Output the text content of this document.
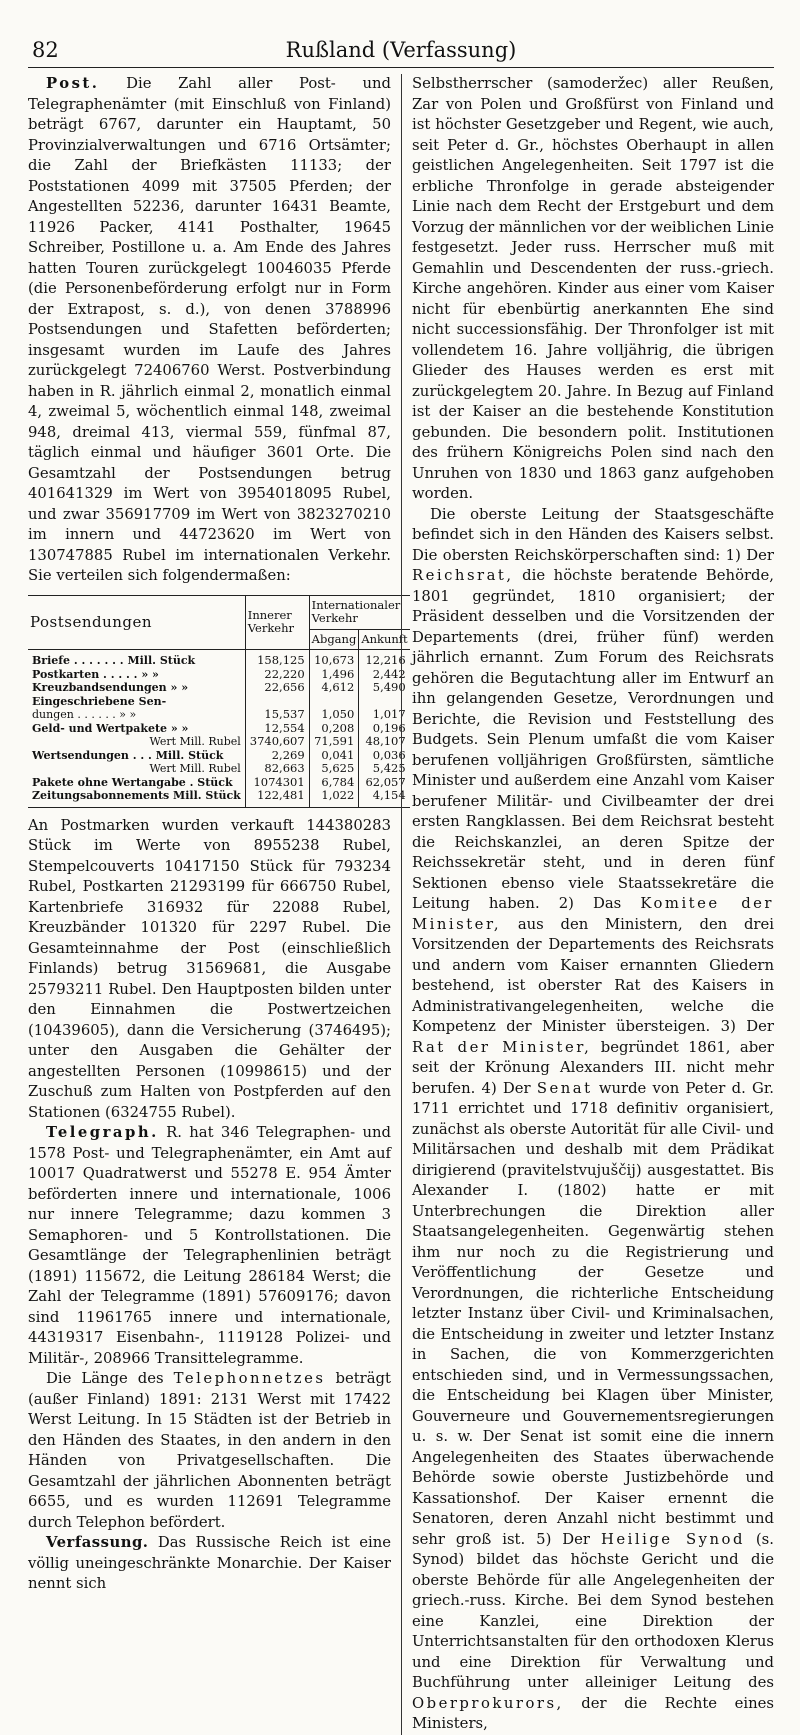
82	Rußland (Verfassung)

Post. Die Zahl aller Post- und Telegraphenämter (mit Einschluß von Finland) beträgt 6767, darunter ein Hauptamt, 50 Provinzialverwaltungen und 6716 Ortsämter; die Zahl der Briefkästen 11133; der Poststationen 4099 mit 37505 Pferden; der Angestellten 52236, darunter 16431 Beamte, 11926 Packer, 4141 Posthalter, 19645 Schreiber, Postillone u. a. Am Ende des Jahres hatten Touren zurückgelegt 10046035 Pferde (die Personenbeförderung erfolgt nur in Form der Extrapost, s. d.), von denen 3788996 Postsendungen und Stafetten beförderten; insgesamt wurden im Laufe des Jahres zurückgelegt 72406760 Werst. Postverbindung haben in R. jährlich einmal 2, monatlich einmal 4, zweimal 5, wöchentlich einmal 148, zweimal 948, dreimal 413, viermal 559, fünfmal 87, täglich einmal und häufiger 3601 Orte. Die Gesamtzahl der Postsendungen betrug 401641329 im Wert von 3954018095 Rubel, und zwar 356917709 im Wert von 3823270210 im innern und 44723620 im Wert von 130747885 Rubel im internationalen Verkehr. Sie verteilen sich folgendermaßen:

Postsendungen	Innerer Verkehr	Internationaler Verkehr	
		Abgang	Ankunft
Briefe . . . . . . . Mill. Stück	158,125	10,673	12,216
Postkarten . . . . . » »	22,220	1,496	2,442
Kreuzbandsendungen » »	22,656	4,612	5,490
Eingeschriebene Sen-			
dungen . . . . . . » »	15,537	1,050	1,017
Geld- und Wertpakete » »	12,554	0,208	0,196
Wert Mill. Rubel	3740,607	71,591	48,107
Wertsendungen . . . Mill. Stück	2,269	0,041	0,036
Wert Mill. Rubel	82,663	5,625	5,425
Pakete ohne Wertangabe . Stück	1074301	6,784	62,057
Zeitungsabonnements Mill. Stück	122,481	1,022	4,154

An Postmarken wurden verkauft 144380283 Stück im Werte von 8955238 Rubel, Stempelcouverts 10417150 Stück für 793234 Rubel, Postkarten 21293199 für 666750 Rubel, Kartenbriefe 316932 für 22088 Rubel, Kreuzbänder 101320 für 2297 Rubel. Die Gesamteinnahme der Post (einschließlich Finlands) betrug 31569681, die Ausgabe 25793211 Rubel. Den Hauptposten bilden unter den Einnahmen die Postwertzeichen (10439605), dann die Versicherung (3746495); unter den Ausgaben die Gehälter der angestellten Personen (10998615) und der Zuschuß zum Halten von Postpferden auf den Stationen (6324755 Rubel).

Telegraph. R. hat 346 Telegraphen- und 1578 Post- und Telegraphenämter, ein Amt auf 10017 Quadratwerst und 55278 E. 954 Ämter beförderten innere und internationale, 1006 nur innere Telegramme; dazu kommen 3 Semaphoren- und 5 Kontrollstationen. Die Gesamtlänge der Telegraphenlinien beträgt (1891) 115672, die Leitung 286184 Werst; die Zahl der Telegramme (1891) 57609176; davon sind 11961765 innere und internationale, 44319317 Eisenbahn-, 1119128 Polizei- und Militär-, 208966 Transittelegramme.

Die Länge des Telephonnetzes beträgt (außer Finland) 1891: 2131 Werst mit 17422 Werst Leitung. In 15 Städten ist der Betrieb in den Händen des Staates, in den andern in den Händen von Privatgesellschaften. Die Gesamtzahl der jährlichen Abonnenten beträgt 6655, und es wurden 112691 Telegramme durch Telephon befördert.

Verfassung. Das Russische Reich ist eine völlig uneingeschränkte Monarchie. Der Kaiser nennt sich

Selbstherrscher (samoderžec) aller Reußen, Zar von Polen und Großfürst von Finland und ist höchster Gesetzgeber und Regent, wie auch, seit Peter d. Gr., höchstes Oberhaupt in allen geistlichen Angelegenheiten. Seit 1797 ist die erbliche Thronfolge in gerade absteigender Linie nach dem Recht der Erstgeburt und dem Vorzug der männlichen vor der weiblichen Linie festgesetzt. Jeder russ. Herrscher muß mit Gemahlin und Descendenten der russ.-griech. Kirche angehören. Kinder aus einer vom Kaiser nicht für ebenbürtig anerkannten Ehe sind nicht successionsfähig. Der Thronfolger ist mit vollendetem 16. Jahre volljährig, die übrigen Glieder des Hauses werden es erst mit zurückgelegtem 20. Jahre. In Bezug auf Finland ist der Kaiser an die bestehende Konstitution gebunden. Die besondern polit. Institutionen des frühern Königreichs Polen sind nach den Unruhen von 1830 und 1863 ganz aufgehoben worden.

Die oberste Leitung der Staatsgeschäfte befindet sich in den Händen des Kaisers selbst. Die obersten Reichskörperschaften sind: 1) Der Reichsrat, die höchste beratende Behörde, 1801 gegründet, 1810 organisiert; der Präsident desselben und die Vorsitzenden der Departements (drei, früher fünf) werden jährlich ernannt. Zum Forum des Reichsrats gehören die Begutachtung aller im Entwurf an ihn gelangenden Gesetze, Verordnungen und Berichte, die Revision und Feststellung des Budgets. Sein Plenum umfaßt die vom Kaiser berufenen volljährigen Großfürsten, sämtliche Minister und außerdem eine Anzahl vom Kaiser berufener Militär- und Civilbeamter der drei ersten Rangklassen. Bei dem Reichsrat besteht die Reichskanzlei, an deren Spitze der Reichssekretär steht, und in deren fünf Sektionen ebenso viele Staatssekretäre die Leitung haben. 2) Das Komitee der Minister, aus den Ministern, den drei Vorsitzenden der Departements des Reichsrats und andern vom Kaiser ernannten Gliedern bestehend, ist oberster Rat des Kaisers in Administrativangelegenheiten, welche die Kompetenz der Minister übersteigen. 3) Der Rat der Minister, begründet 1861, aber seit der Krönung Alexanders III. nicht mehr berufen. 4) Der Senat wurde von Peter d. Gr. 1711 errichtet und 1718 definitiv organisiert, zunächst als oberste Autorität für alle Civil- und Militärsachen und deshalb mit dem Prädikat dirigierend (pravitelstvujuščij) ausgestattet. Bis Alexander I. (1802) hatte er mit Unterbrechungen die Direktion aller Staatsangelegenheiten. Gegenwärtig stehen ihm nur noch zu die Registrierung und Veröffentlichung der Gesetze und Verordnungen, die richterliche Entscheidung letzter Instanz über Civil- und Kriminalsachen, die Entscheidung in zweiter und letzter Instanz in Sachen, die von Kommerzgerichten entschieden sind, und in Vermessungssachen, die Entscheidung bei Klagen über Minister, Gouverneure und Gouvernementsregierungen u. s. w. Der Senat ist somit eine die innern Angelegenheiten des Staates überwachende Behörde sowie oberste Justizbehörde und Kassationshof. Der Kaiser ernennt die Senatoren, deren Anzahl nicht bestimmt und sehr groß ist. 5) Der Heilige Synod (s. Synod) bildet das höchste Gericht und die oberste Behörde für alle Angelegenheiten der griech.-russ. Kirche. Bei dem Synod bestehen eine Kanzlei, eine Direktion der Unterrichtsanstalten für den orthodoxen Klerus und eine Direktion für Verwaltung und Buchführung unter alleiniger Leitung des Oberprokurors, der die Rechte eines Ministers,
